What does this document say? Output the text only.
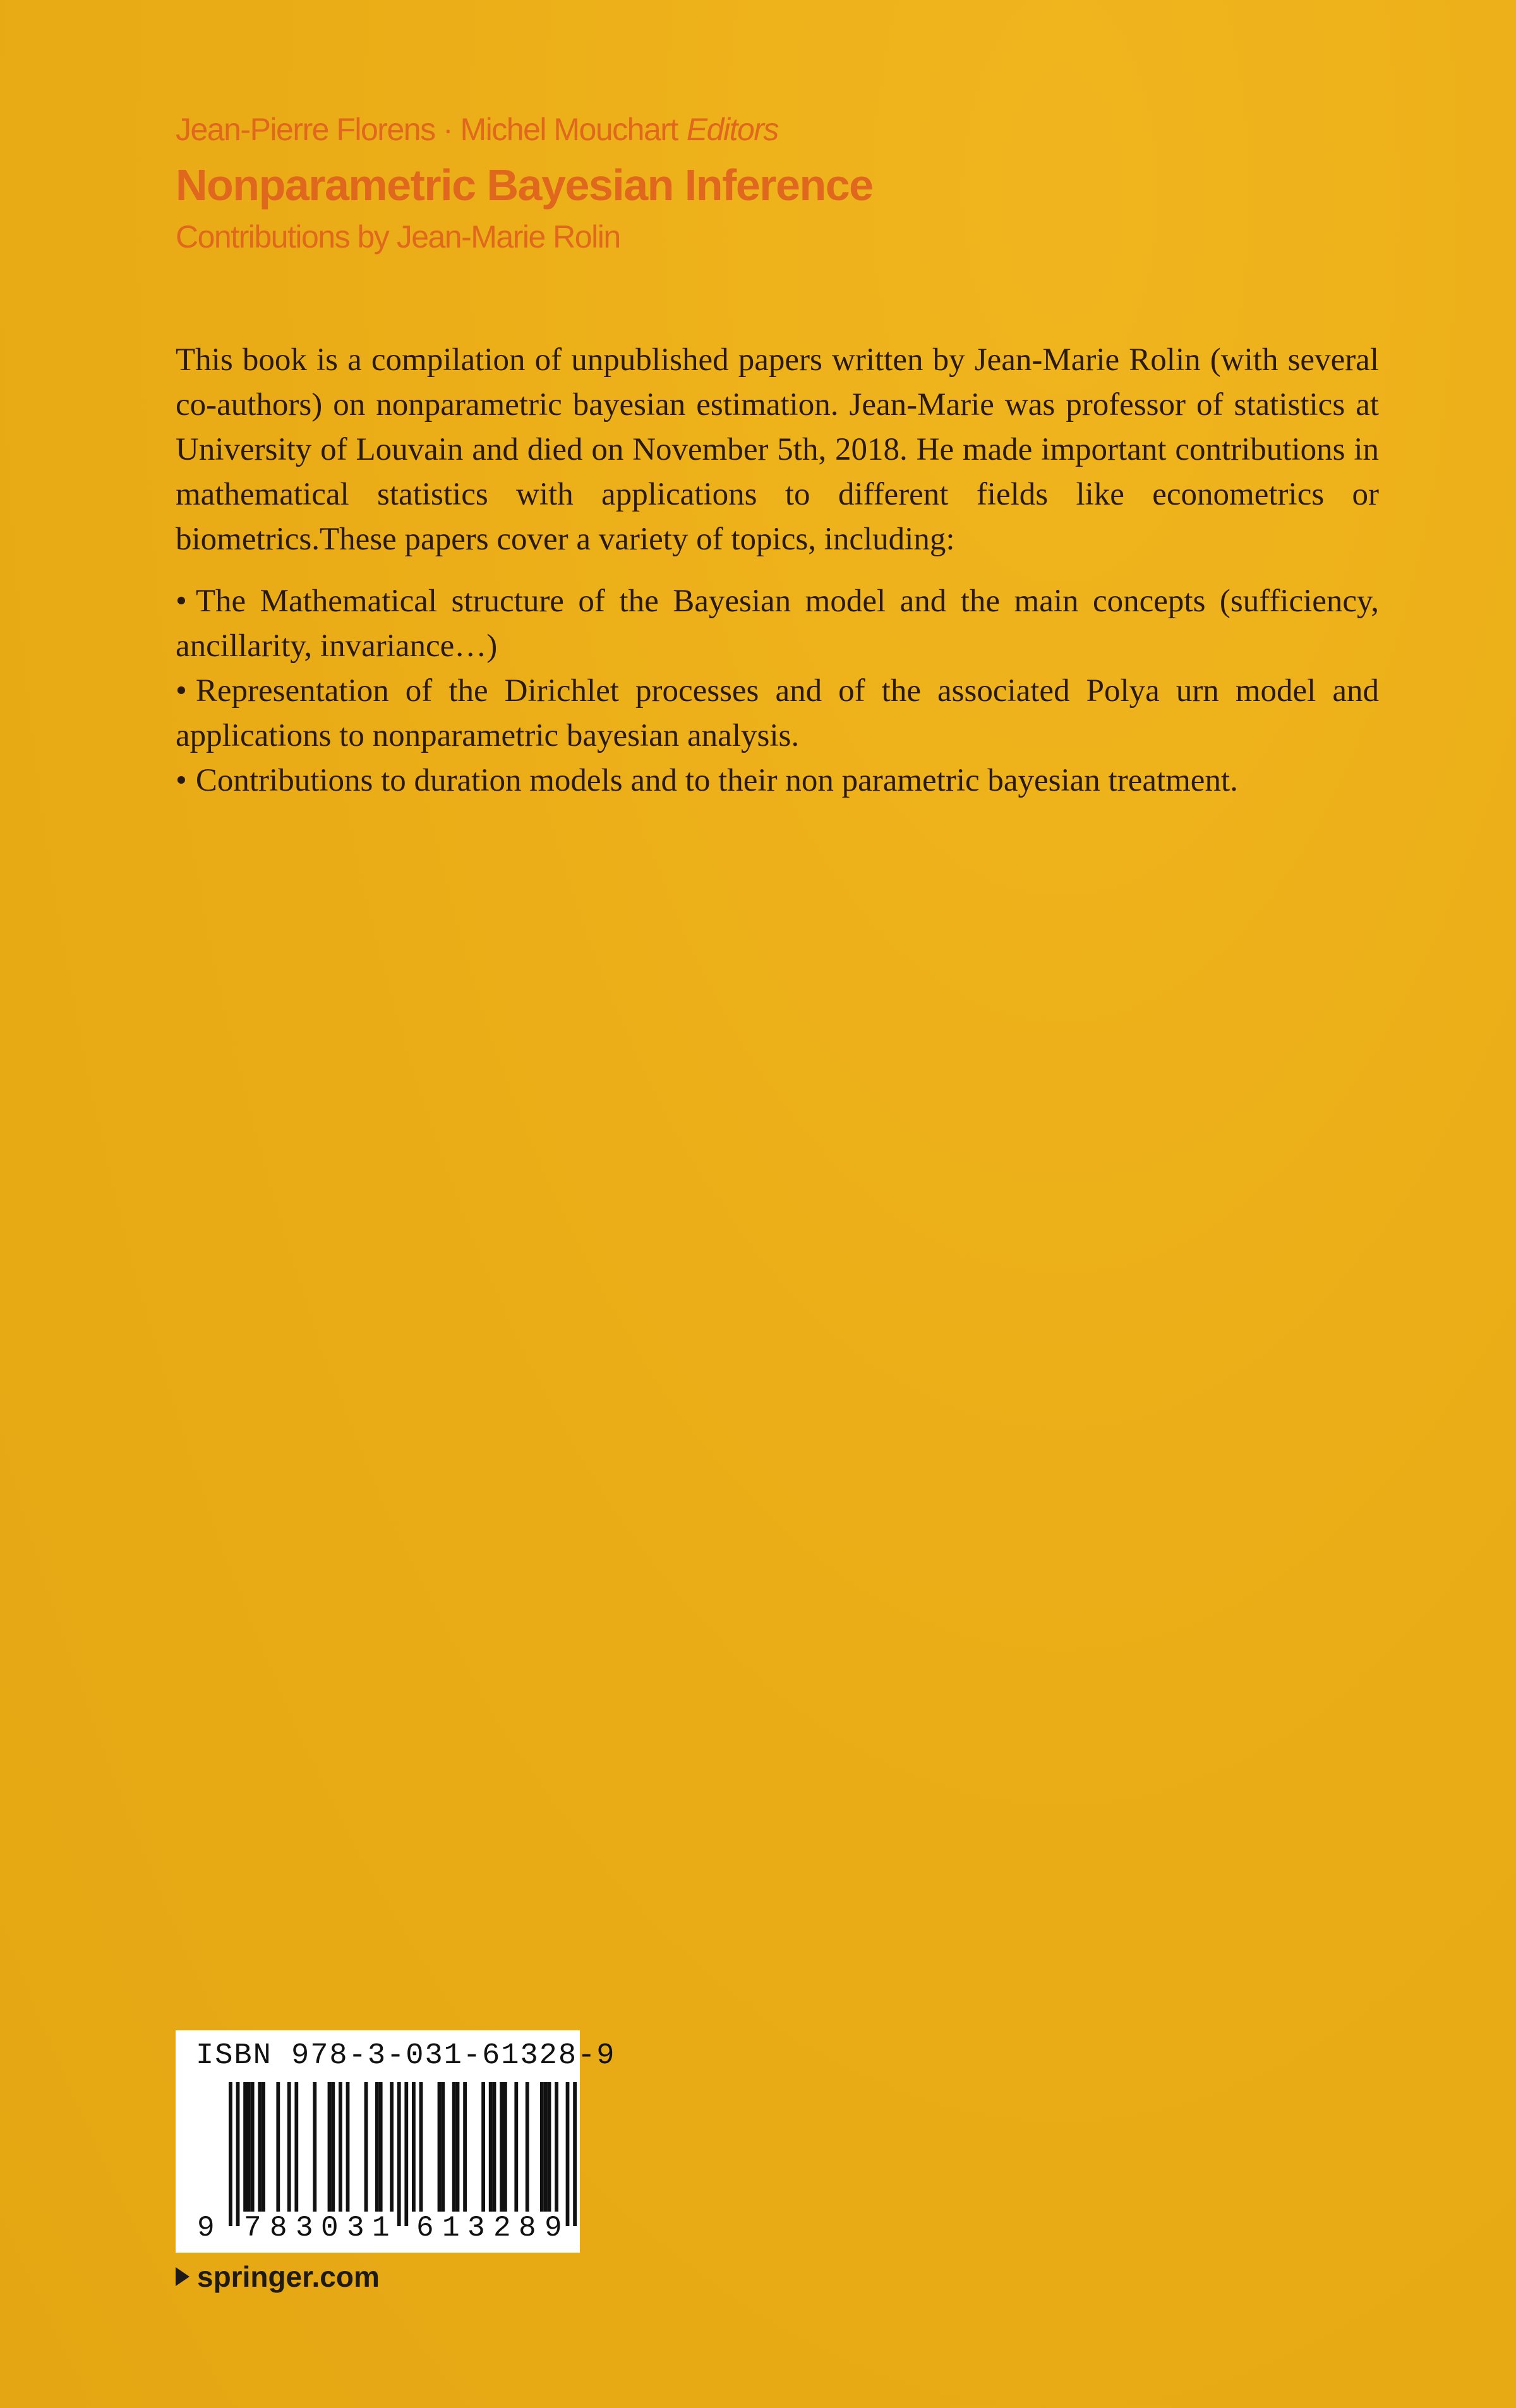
Jean-Pierre Florens · Michel Mouchart Editors
Nonparametric Bayesian Inference
Contributions by Jean-Marie Rolin

This book is a compilation of unpublished papers written by Jean-Marie Rolin (with several co-authors) on nonparametric bayesian estimation. Jean-Marie was professor of statistics at University of Louvain and died on November 5th, 2018. He made important contributions in mathematical statistics with applications to different fields like econometrics or biometrics.These papers cover a variety of topics, including:

• The Mathematical structure of the Bayesian model and the main concepts (sufficiency, ancillarity, invariance…)

• Representation of the Dirichlet processes and of the associated Polya urn model and applications to nonparametric bayesian analysis.

• Contributions to duration models and to their non parametric bayesian treatment.

ISBN 978-3-031-61328-9
9 7 8 3 0 3 1 6 1 3 2 8 9
springer.com
